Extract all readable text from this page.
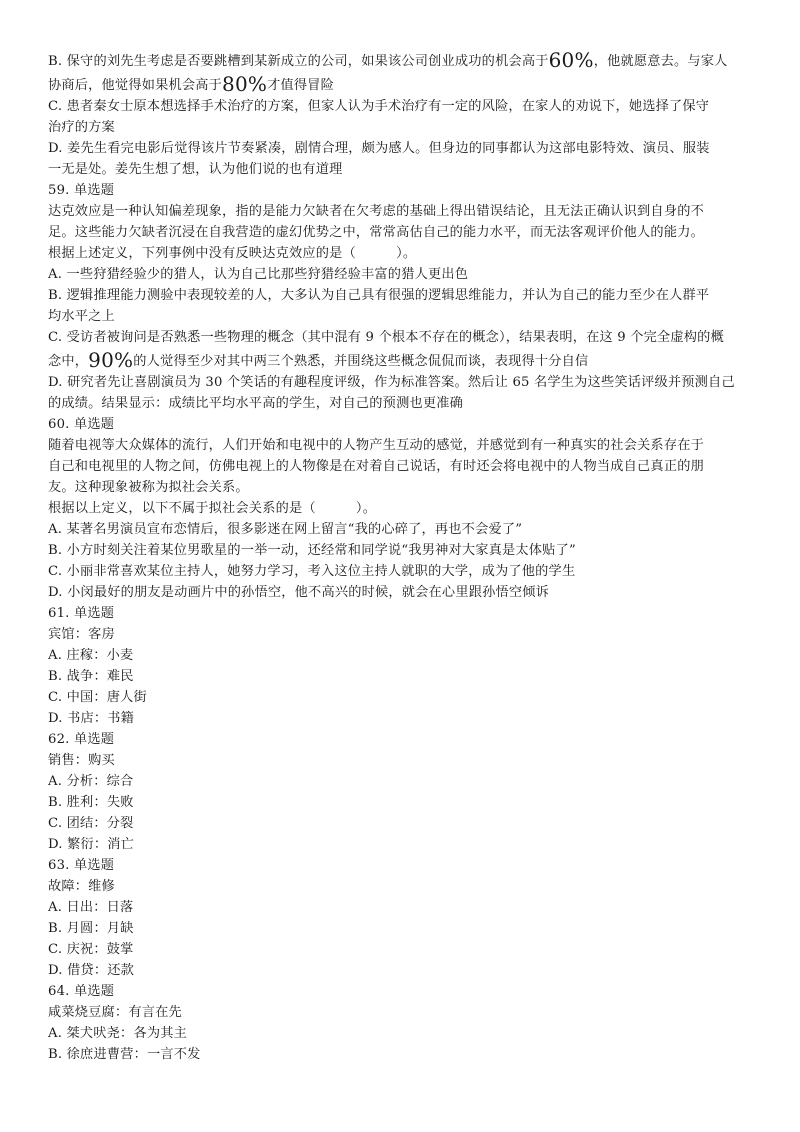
B. 保守的刘先生考虑是否要跳槽到某新成立的公司，如果该公司创业成功的机会高于60%，他就愿意去。与家人
协商后，他觉得如果机会高于80%才值得冒险
C. 患者秦女士原本想选择手术治疗的方案，但家人认为手术治疗有一定的风险，在家人的劝说下，她选择了保守
治疗的方案
D. 姜先生看完电影后觉得该片节奏紧凑，剧情合理，颇为感人。但身边的同事都认为这部电影特效、演员、服装
一无是处。姜先生想了想，认为他们说的也有道理
59. 单选题
达克效应是一种认知偏差现象，指的是能力欠缺者在欠考虑的基础上得出错误结论，且无法正确认识到自身的不
足。这些能力欠缺者沉浸在自我营造的虚幻优势之中，常常高估自己的能力水平，而无法客观评价他人的能力。
根据上述定义，下列事例中没有反映达克效应的是（　　　）。
A. 一些狩猎经验少的猎人，认为自己比那些狩猎经验丰富的猎人更出色
B. 逻辑推理能力测验中表现较差的人，大多认为自己具有很强的逻辑思维能力，并认为自己的能力至少在人群平
均水平之上
C. 受访者被询问是否熟悉一些物理的概念（其中混有 9 个根本不存在的概念），结果表明，在这 9 个完全虚构的概
念中，90%的人觉得至少对其中两三个熟悉，并围绕这些概念侃侃而谈，表现得十分自信
D. 研究者先让喜剧演员为 30 个笑话的有趣程度评级，作为标准答案。然后让 65 名学生为这些笑话评级并预测自己
的成绩。结果显示：成绩比平均水平高的学生，对自己的预测也更准确
60. 单选题
随着电视等大众媒体的流行，人们开始和电视中的人物产生互动的感觉，并感觉到有一种真实的社会关系存在于
自己和电视里的人物之间，仿佛电视上的人物像是在对着自己说话，有时还会将电视中的人物当成自己真正的朋
友。这种现象被称为拟社会关系。
根据以上定义，以下不属于拟社会关系的是（　　　）。
A. 某著名男演员宣布恋情后，很多影迷在网上留言“我的心碎了，再也不会爱了”
B. 小方时刻关注着某位男歌星的一举一动，还经常和同学说“我男神对大家真是太体贴了”
C. 小丽非常喜欢某位主持人，她努力学习，考入这位主持人就职的大学，成为了他的学生
D. 小闵最好的朋友是动画片中的孙悟空，他不高兴的时候，就会在心里跟孙悟空倾诉
61. 单选题
宾馆：客房
A. 庄稼：小麦
B. 战争：难民
C. 中国：唐人街
D. 书店：书籍
62. 单选题
销售：购买
A. 分析：综合
B. 胜利：失败
C. 团结：分裂
D. 繁衍：消亡
63. 单选题
故障：维修
A. 日出：日落
B. 月圆：月缺
C. 庆祝：鼓掌
D. 借贷：还款
64. 单选题
咸菜烧豆腐：有言在先
A. 桀犬吠尧：各为其主
B. 徐庶进曹营：一言不发
